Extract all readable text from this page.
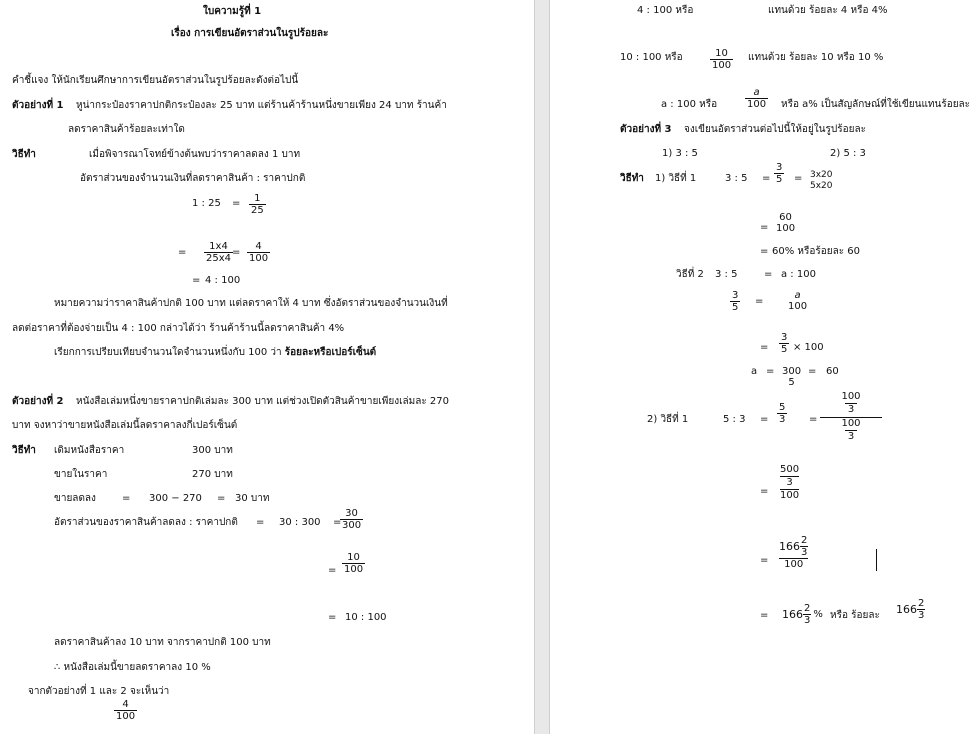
ใบความรู้ที่ 1
เรื่อง การเขียนอัตราส่วนในรูปร้อยละ
คำชี้แจง ให้นักเรียนศึกษาการเขียนอัตราส่วนในรูปร้อยละดังต่อไปนี้
ตัวอย่างที่ 1 หูน่ากระป๋องราคาปกติกระป๋องละ 25 บาท แต่ร้านค้าร้านหนึ่งขายเพียง 24 บาท ร้านค้า
ลดราคาสินค้าร้อยละเท่าใด
วิธีทำ	เมื่อพิจารณาโจทย์ข้างต้นพบว่าราคาลดลง 1 บาท
อัตราส่วนของจำนวนเงินที่ลดราคาสินค้า : ราคาปกติ
1 : $25 = \frac{1}{25}$
= $\frac{1x4}{25x4}$
= $\frac{4}{100}$
= 4 : 100
หมายความว่าราคาสินค้าปกติ 100 บาท แต่ลดราคาให้ 4 บาท ซึ่งอัตราส่วนของจำนวนเงินที่
ลดต่อราคาที่ต้องจ่ายเป็น 4 : 100 กล่าวได้ว่า ร้านค้าร้านนี้ลดราคาสินค้า 4%
เรียกการเปรียบเทียบจำนวนใดจำนวนหนึ่งกับ 100 ว่า ร้อยละหรือเปอร์เซ็นต์
ตัวอย่างที่ 2 หนังสือเล่มหนึ่งขายราคาปกติเล่มละ 300 บาท แต่ช่วงเปิดตัวสินค้าขายเพียงเล่มละ 270
บาท จงหาว่าขายหนังสือเล่มนี้ลดราคาลงกี่เปอร์เซ็นต์
วิธีทำ เดิมหนังสือราคา	300 บาท
ขายในราคา	270 บาท
ขายลดลง	= 300 − 270 = 30 บาท
อัตราส่วนของราคาสินค้าลดลง : ราคาปกติ = 30 : 300 =
$\frac{30}{300}$
= $\frac{10}{100}$
= 10 : 100
ลดราคาสินค้าลง 10 บาท จากราคาปกติ 100 บาท
∴ หนังสือเล่มนี้ขายลดราคาลง 10 %
จากตัวอย่างที่ 1 และ 2 จะเห็นว่า
$\frac{4}{100}$
4 : 100 หรือ	แทนด้วย ร้อยละ 4 หรือ 4%
10 : 100 หรือ	$\frac{10}{100}$ แทนด้วย ร้อยละ 10 หรือ 10 %
a : 100 หรือ	$\frac{a}{100}$ หรือ a% เป็นสัญลักษณ์ที่ใช้เขียนแทนร้อยละ
ตัวอย่างที่ 3 จงเขียนอัตราส่วนต่อไปนี้ให้อยู่ในรูปร้อยละ
1) 3 : 5	2) 5 : 3
วิธีทำ 1) วิธีที่ 1	3 : $5 = \frac{3}{5} = 3x20$
5x20
=
60
100
= 60% หรือร้อยละ 60
วิธีที่ 2 3 : 5	= a : 100
$\frac{3}{5}$ =
a
100
= $\frac{3}{5} \times 100$
a = 300
5
= 60
2) วิธีที่ 1	5 : $3 = \frac{5}{3}$ =
100
3
100
3
=
500
3
100
=
$166 \frac{2}{3}$
100
= $166 \frac{2}{3}$ % หรือ ร้อยละ $166 \frac{2}{3}$
